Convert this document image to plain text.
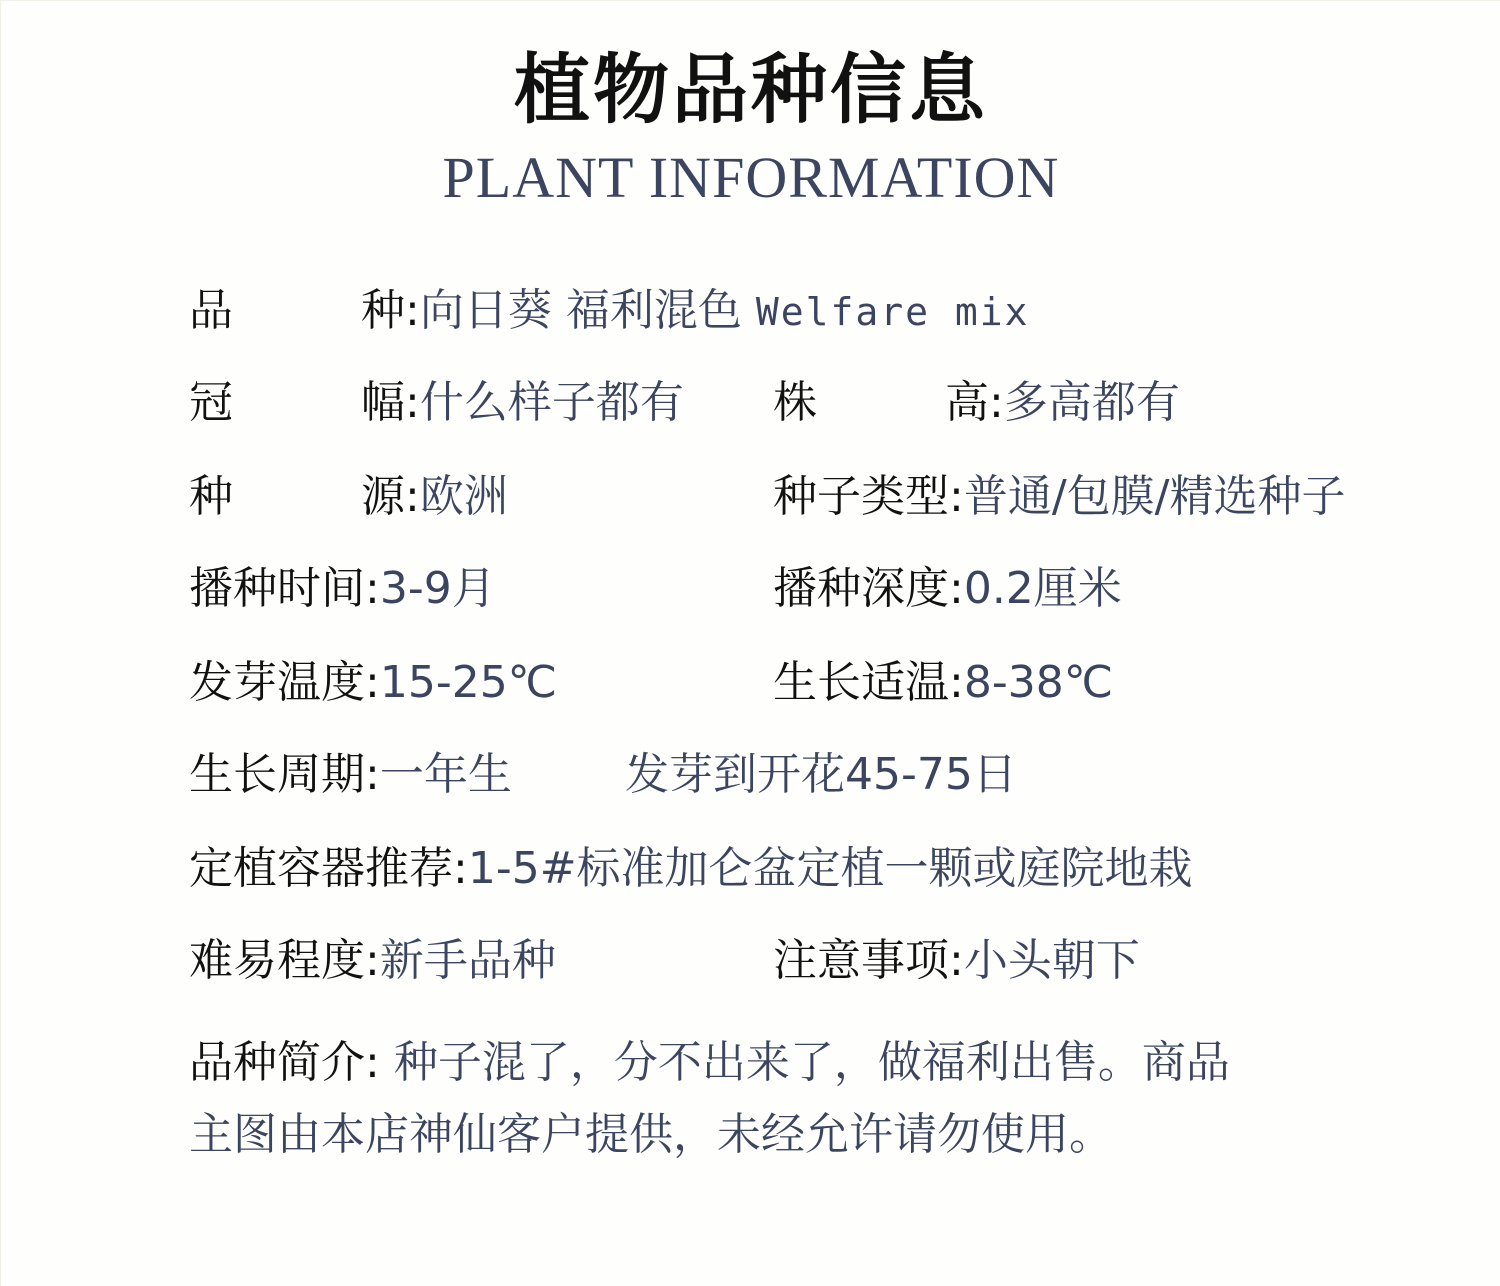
植物品种信息
PLANT INFORMATION
品 种:向日葵 福利混色 Welfare mix
冠 幅:什么样子都有 株 高:多高都有
种 源:欧洲	种子类型:普通/包膜/精选种子
播种时间:3-9月	播种深度:0.2厘米
发芽温度:15-25℃	生长适温:8-38℃
生长周期:一年生	发芽到开花45-75日
定植容器推荐:1-5#标准加仑盆定植一颗或庭院地栽
难易程度:新手品种	注意事项:小头朝下
品种简介: 种子混了，分不出来了，做福利出售。商品
主图由本店神仙客户提供，未经允许请勿使用。
